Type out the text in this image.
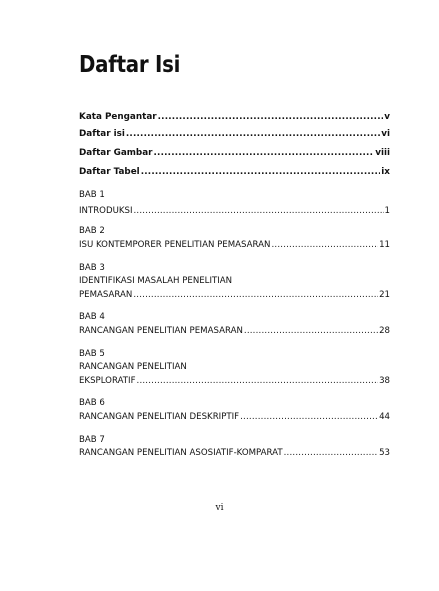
Daftar Isi
Kata Pengantar .....	v
Daftar isi .....	vi
Daftar Gambar .....	viii
Daftar Tabel .....	ix
BAB 1
INTRODUKSI .....	1
BAB 2
ISU KONTEMPORER PENELITIAN PEMASARAN .....	11
BAB 3
IDENTIFIKASI MASALAH PENELITIAN
PEMASARAN .....	21
BAB 4
RANCANGAN PENELITIAN PEMASARAN .....	28
BAB 5
RANCANGAN PENELITIAN
EKSPLORATIF .....	38
BAB 6
RANCANGAN PENELITIAN DESKRIPTIF .....	44
BAB 7
RANCANGAN PENELITIAN ASOSIATIF-KOMPARAT .....	53
vi
